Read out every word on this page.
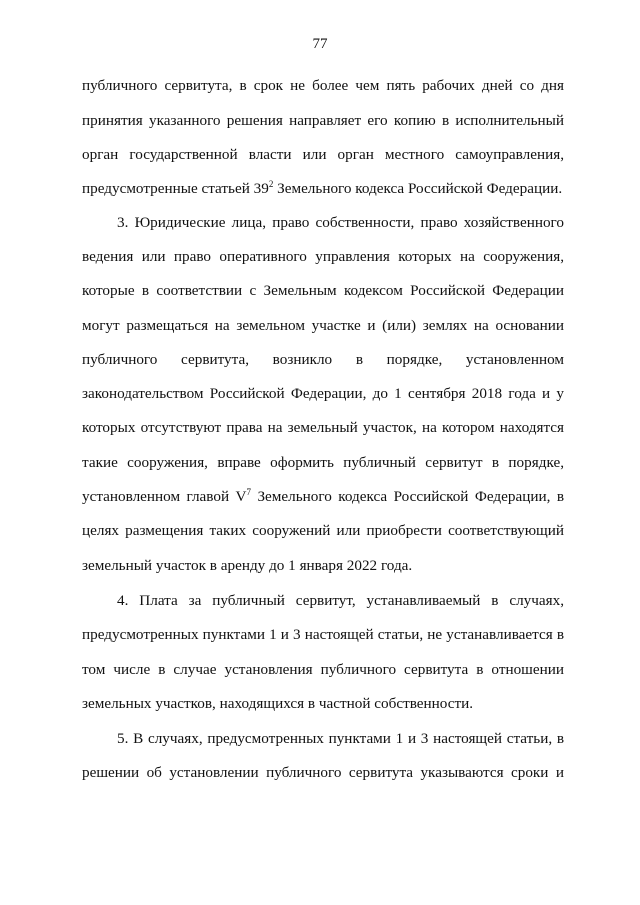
77
публичного сервитута, в срок не более чем пять рабочих дней со дня
принятия указанного решения направляет его копию в исполнительный
орган государственной власти или орган местного самоуправления,
предусмотренные статьей $39^2$ Земельного кодекса Российской Федерации.
3. Юридические лица, право собственности, право хозяйственного
ведения или право оперативного управления которых на сооружения,
которые в соответствии с Земельным кодексом Российской Федерации
могут размещаться на земельном участке и (или) землях на основании
публичного сервитута, возникло в порядке, установленном
законодательством Российской Федерации, до 1 сентября 2018 года и у
которых отсутствуют права на земельный участок, на котором находятся
такие сооружения, вправе оформить публичный сервитут в порядке,
установленном главой $V^7$ Земельного кодекса Российской Федерации, в
целях размещения таких сооружений или приобрести соответствующий
земельный участок в аренду до 1 января 2022 года.
4. Плата за публичный сервитут, устанавливаемый в случаях,
предусмотренных пунктами 1 и 3 настоящей статьи, не устанавливается в
том числе в случае установления публичного сервитута в отношении
земельных участков, находящихся в частной собственности.
5. В случаях, предусмотренных пунктами 1 и 3 настоящей статьи, в
решении об установлении публичного сервитута указываются сроки и
